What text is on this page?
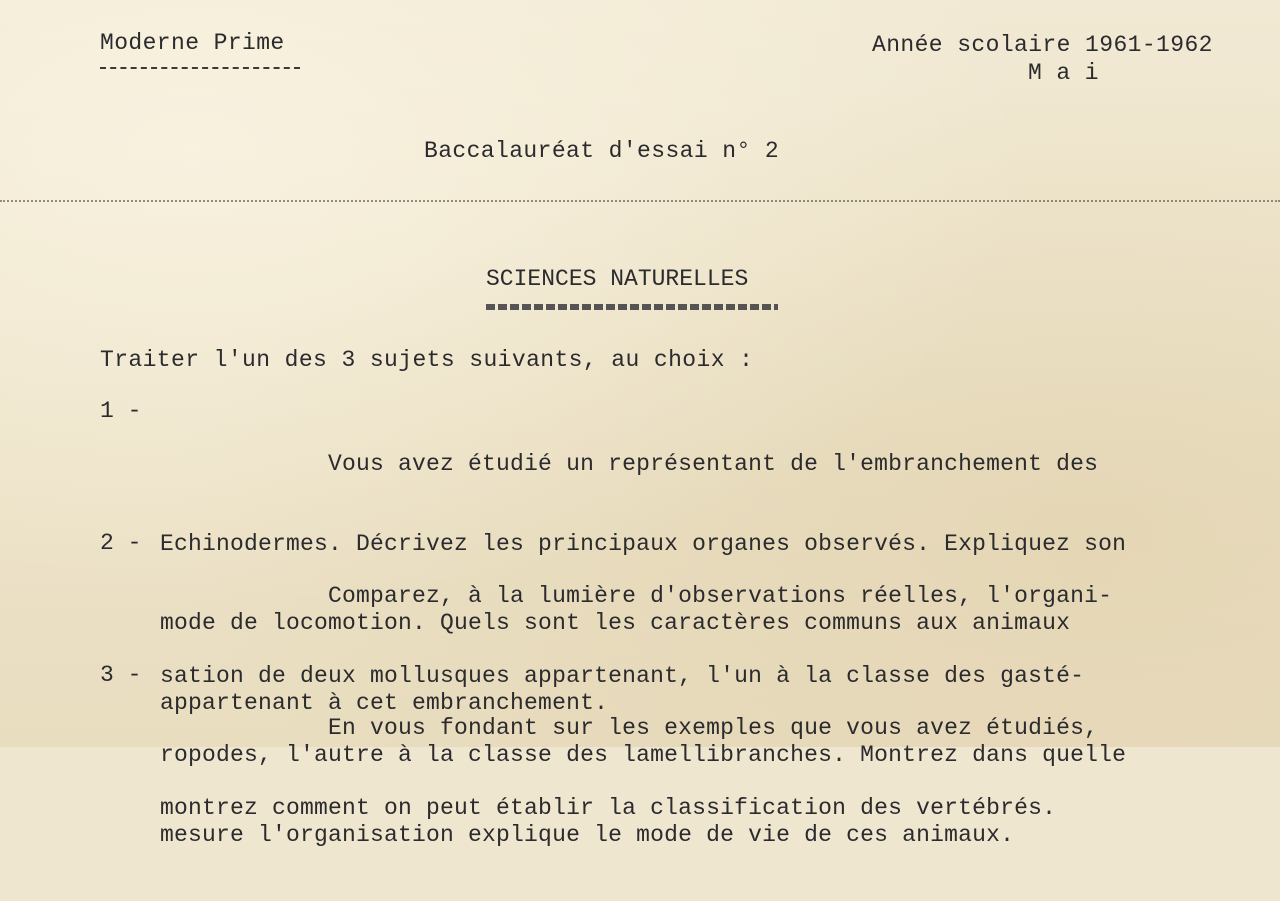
Moderne Prime	Année scolaire 1961-1962
M a i
Baccalauréat d'essai n° 2
SCIENCES NATURELLES
Traiter l'un des 3 sujets suivants, au choix :
1 -

Vous avez étudié un représentant de l'embranchement des

Echinodermes. Décrivez les principaux organes observés. Expliquez son

mode de locomotion. Quels sont les caractères communs aux animaux

appartenant à cet embranchement.

2 -

Comparez, à la lumière d'observations réelles, l'organi-

sation de deux mollusques appartenant, l'un à la classe des gasté-

ropodes, l'autre à la classe des lamellibranches. Montrez dans quelle

mesure l'organisation explique le mode de vie de ces animaux.

3 -

En vous fondant sur les exemples que vous avez étudiés,

montrez comment on peut établir la classification des vertébrés.
